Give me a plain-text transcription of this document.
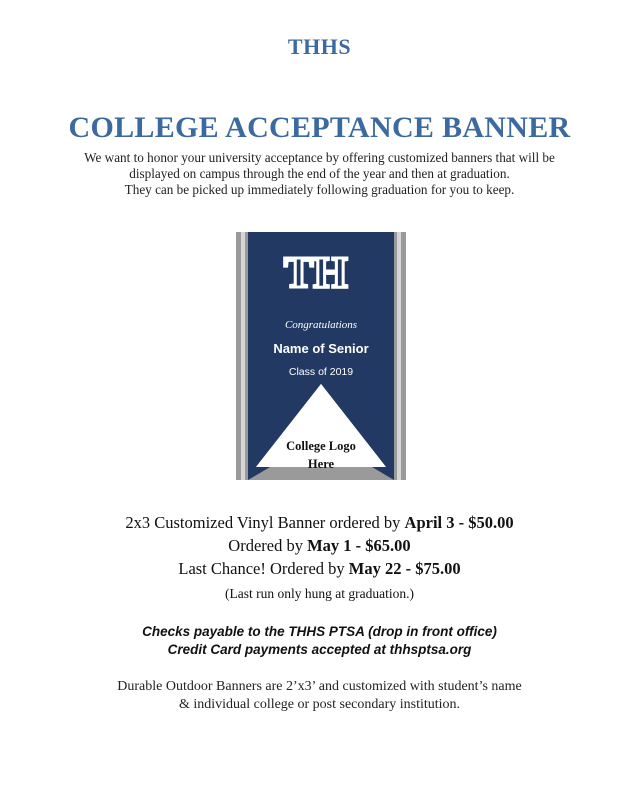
THHS
COLLEGE ACCEPTANCE BANNER
We want to honor your university acceptance by offering customized banners that will be
displayed on campus through the end of the year and then at graduation.
They can be picked up immediately following graduation for you to keep.
TH
Congratulations
Name of Senior
Class of 2019
College Logo
Here
2x3 Customized Vinyl Banner ordered by April 3 - $50.00
Ordered by May 1 - $65.00
Last Chance! Ordered by May 22 - $75.00
(Last run only hung at graduation.)
Checks payable to the THHS PTSA (drop in front office)
Credit Card payments accepted at thhsptsa.org
Durable Outdoor Banners are 2’x3’ and customized with student’s name
& individual college or post secondary institution.
